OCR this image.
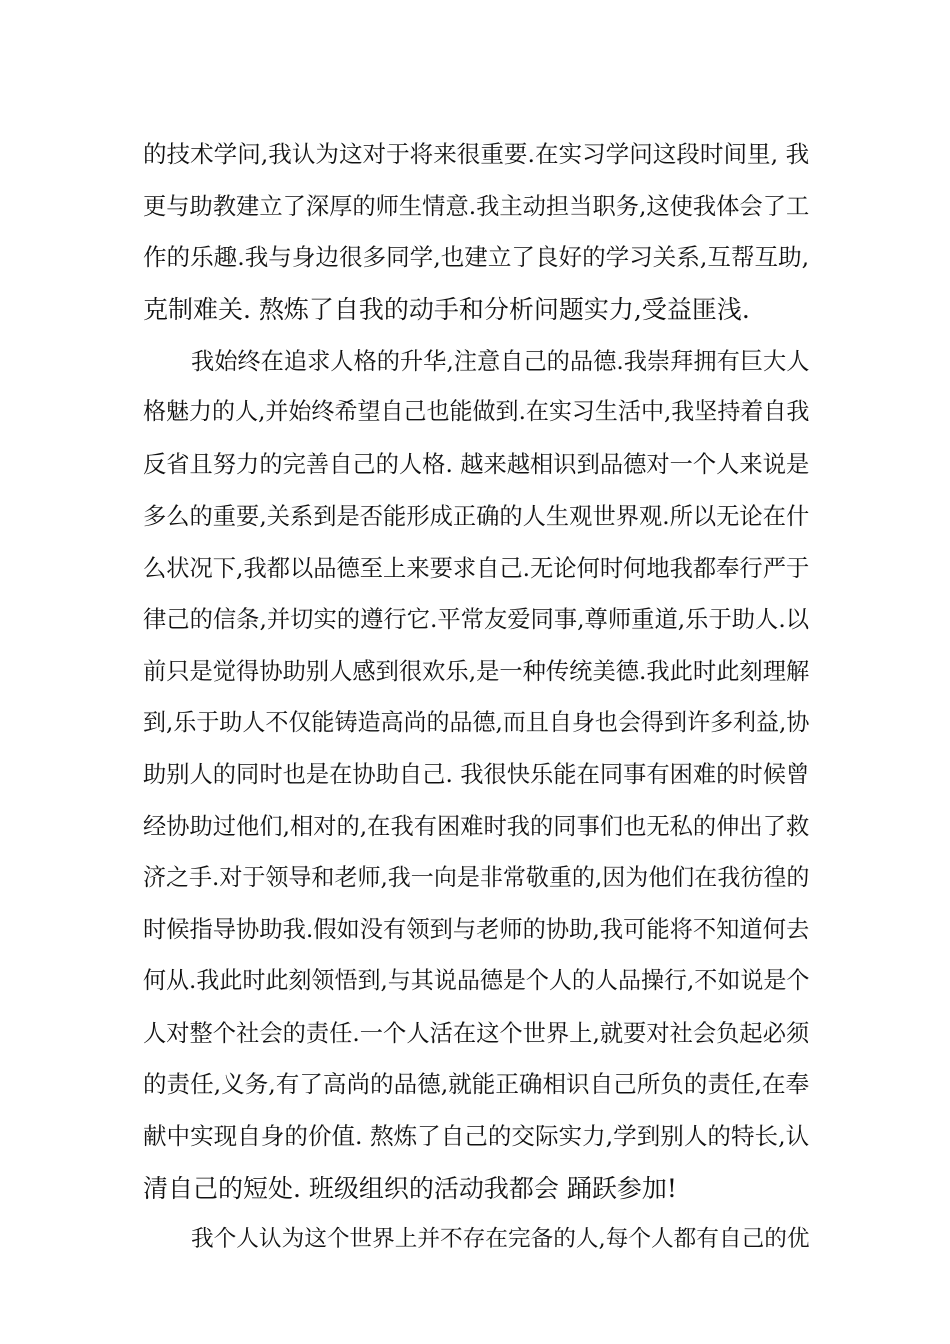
的技术学问,我认为这对于将来很重要.在实习学问这段时间里, 我
更与助教建立了深厚的师生情意.我主动担当职务,这使我体会了工
作的乐趣.我与身边很多同学,也建立了良好的学习关系,互帮互助,
克制难关. 熬炼了自我的动手和分析问题实力,受益匪浅.
我始终在追求人格的升华,注意自己的品德.我崇拜拥有巨大人
格魅力的人,并始终希望自己也能做到.在实习生活中,我坚持着自我
反省且努力的完善自己的人格. 越来越相识到品德对一个人来说是
多么的重要,关系到是否能形成正确的人生观世界观.所以无论在什
么状况下,我都以品德至上来要求自己.无论何时何地我都奉行严于
律己的信条,并切实的遵行它.平常友爱同事,尊师重道,乐于助人.以
前只是觉得协助别人感到很欢乐,是一种传统美德.我此时此刻理解
到,乐于助人不仅能铸造高尚的品德,而且自身也会得到许多利益,协
助别人的同时也是在协助自己. 我很快乐能在同事有困难的时候曾
经协助过他们,相对的,在我有困难时我的同事们也无私的伸出了救
济之手.对于领导和老师,我一向是非常敬重的,因为他们在我彷徨的
时候指导协助我.假如没有领到与老师的协助,我可能将不知道何去
何从.我此时此刻领悟到,与其说品德是个人的人品操行,不如说是个
人对整个社会的责任.一个人活在这个世界上,就要对社会负起必须
的责任,义务,有了高尚的品德,就能正确相识自己所负的责任,在奉
献中实现自身的价值. 熬炼了自己的交际实力,学到别人的特长,认
清自己的短处. 班级组织的活动我都会 踊跃参加!
我个人认为这个世界上并不存在完备的人,每个人都有自己的优
